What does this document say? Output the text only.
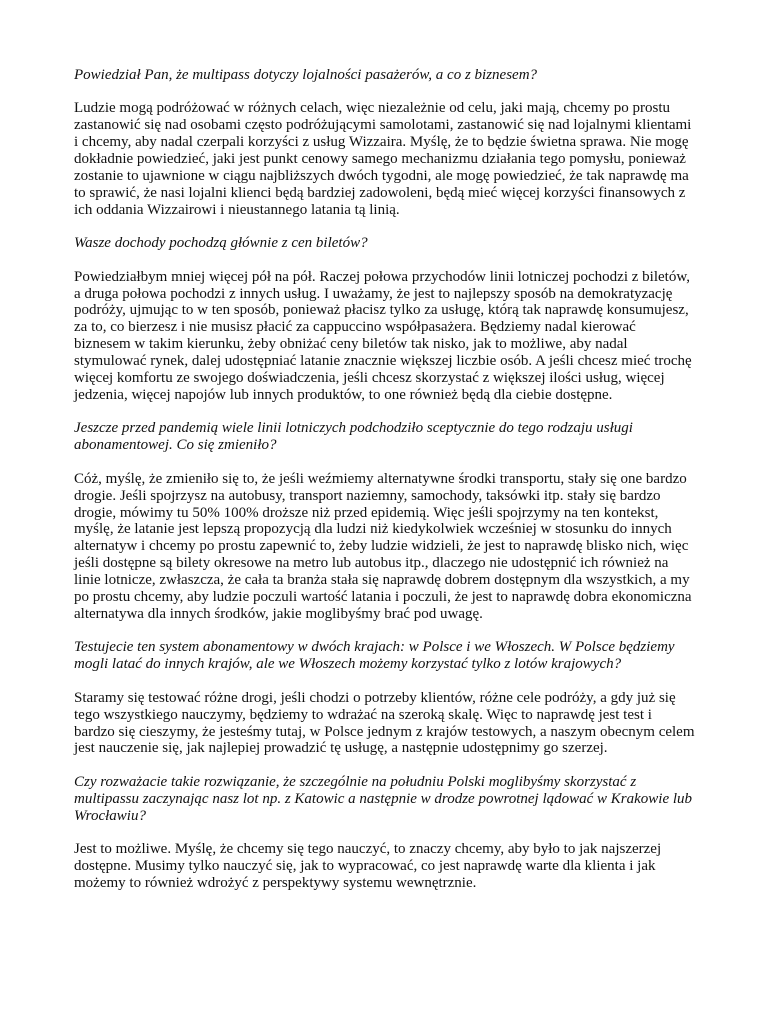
Powiedział Pan, że multipass dotyczy lojalności pasażerów, a co z biznesem?

Ludzie mogą podróżować w różnych celach, więc niezależnie od celu, jaki mają, chcemy po prostu zastanowić się nad osobami często podróżującymi samolotami, zastanowić się nad lojalnymi klientami i chcemy, aby nadal czerpali korzyści z usług Wizzaira. Myślę, że to będzie świetna sprawa. Nie mogę dokładnie powiedzieć, jaki jest punkt cenowy samego mechanizmu działania tego pomysłu, ponieważ zostanie to ujawnione w ciągu najbliższych dwóch tygodni, ale mogę powiedzieć, że tak naprawdę ma to sprawić, że nasi lojalni klienci będą bardziej zadowoleni, będą mieć więcej korzyści finansowych z ich oddania Wizzairowi i nieustannego latania tą linią.

Wasze dochody pochodzą głównie z cen biletów?

Powiedziałbym mniej więcej pół na pół. Raczej połowa przychodów linii lotniczej pochodzi z biletów, a druga połowa pochodzi z innych usług. I uważamy, że jest to najlepszy sposób na demokratyzację podróży, ujmując to w ten sposób, ponieważ płacisz tylko za usługę, którą tak naprawdę konsumujesz, za to, co bierzesz i nie musisz płacić za cappuccino współpasażera. Będziemy nadal kierować biznesem w takim kierunku, żeby obniżać ceny biletów tak nisko, jak to możliwe, aby nadal stymulować rynek, dalej udostępniać latanie znacznie większej liczbie osób. A jeśli chcesz mieć trochę więcej komfortu ze swojego doświadczenia, jeśli chcesz skorzystać z większej ilości usług, więcej jedzenia, więcej napojów lub innych produktów, to one również będą dla ciebie dostępne.

Jeszcze przed pandemią wiele linii lotniczych podchodziło sceptycznie do tego rodzaju usługi abonamentowej. Co się zmieniło?

Cóż, myślę, że zmieniło się to, że jeśli weźmiemy alternatywne środki transportu, stały się one bardzo drogie. Jeśli spojrzysz na autobusy, transport naziemny, samochody, taksówki itp. stały się bardzo drogie, mówimy tu 50% 100% droższe niż przed epidemią. Więc jeśli spojrzymy na ten kontekst, myślę, że latanie jest lepszą propozycją dla ludzi niż kiedykolwiek wcześniej w stosunku do innych alternatyw i chcemy po prostu zapewnić to, żeby ludzie widzieli, że jest to naprawdę blisko nich, więc jeśli dostępne są bilety okresowe na metro lub autobus itp., dlaczego nie udostępnić ich również na linie lotnicze, zwłaszcza, że cała ta branża stała się naprawdę dobrem dostępnym dla wszystkich, a my po prostu chcemy, aby ludzie poczuli wartość latania i poczuli, że jest to naprawdę dobra ekonomiczna alternatywa dla innych środków, jakie moglibyśmy brać pod uwagę.

Testujecie ten system abonamentowy w dwóch krajach: w Polsce i we Włoszech. W Polsce będziemy mogli latać do innych krajów, ale we Włoszech możemy korzystać tylko z lotów krajowych?

Staramy się testować różne drogi, jeśli chodzi o potrzeby klientów, różne cele podróży, a gdy już się tego wszystkiego nauczymy, będziemy to wdrażać na szeroką skalę. Więc to naprawdę jest test i bardzo się cieszymy, że jesteśmy tutaj, w Polsce jednym z krajów testowych, a naszym obecnym celem jest nauczenie się, jak najlepiej prowadzić tę usługę, a następnie udostępnimy go szerzej.

Czy rozważacie takie rozwiązanie, że szczególnie na południu Polski moglibyśmy skorzystać z multipassu zaczynając nasz lot np. z Katowic a następnie w drodze powrotnej lądować w Krakowie lub Wrocławiu?

Jest to możliwe. Myślę, że chcemy się tego nauczyć, to znaczy chcemy, aby było to jak najszerzej dostępne. Musimy tylko nauczyć się, jak to wypracować, co jest naprawdę warte dla klienta i jak możemy to również wdrożyć z perspektywy systemu wewnętrznie.
